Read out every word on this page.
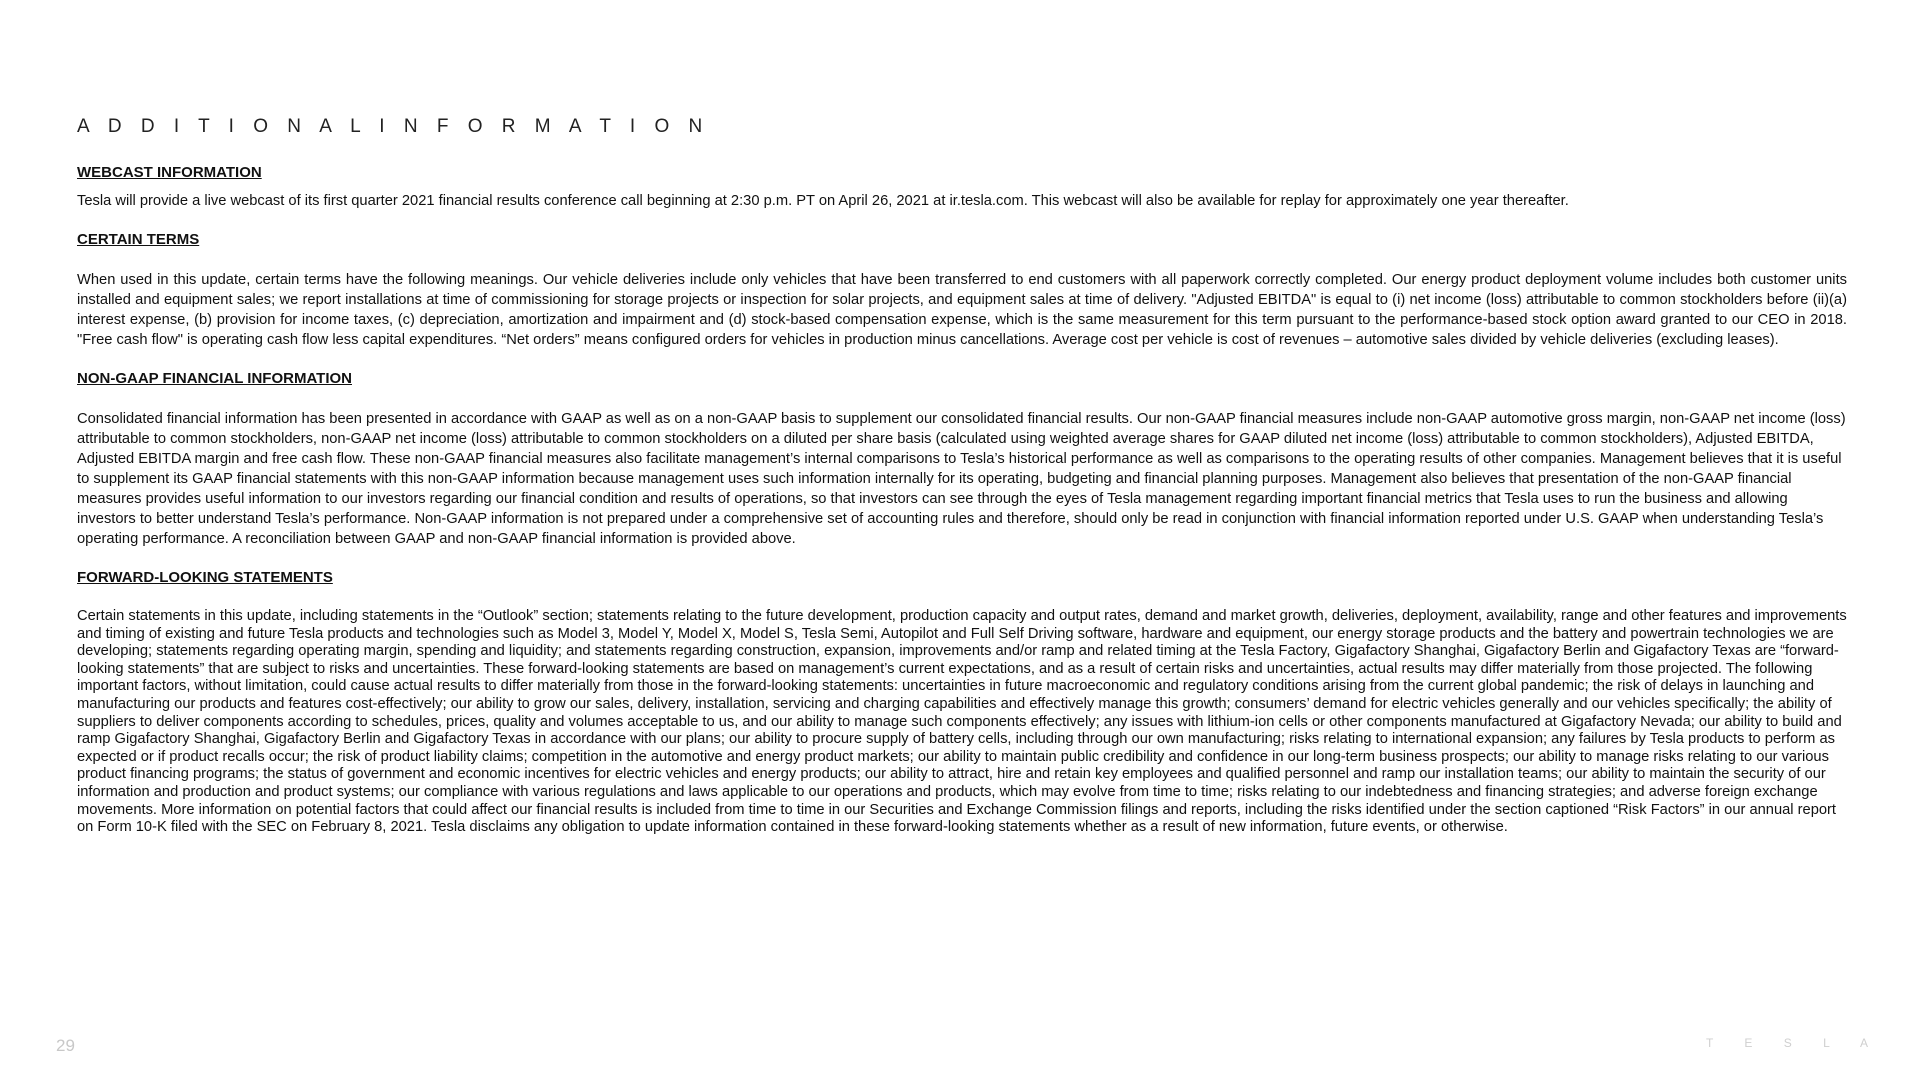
A D D I T I O N A L I N F O R M A T I O N
WEBCAST INFORMATION

Tesla will provide a live webcast of its first quarter 2021 financial results conference call beginning at 2:30 p.m. PT on April 26, 2021 at ir.tesla.com. This webcast will also be available for replay for approximately one year thereafter.

CERTAIN TERMS

When used in this update, certain terms have the following meanings. Our vehicle deliveries include only vehicles that have been transferred to end customers with all paperwork correctly completed. Our energy product deployment volume includes both customer units installed and equipment sales; we report installations at time of commissioning for storage projects or inspection for solar projects, and equipment sales at time of delivery. "Adjusted EBITDA" is equal to (i) net income (loss) attributable to common stockholders before (ii)(a) interest expense, (b) provision for income taxes, (c) depreciation, amortization and impairment and (d) stock-based compensation expense, which is the same measurement for this term pursuant to the performance-based stock option award granted to our CEO in 2018. "Free cash flow" is operating cash flow less capital expenditures. “Net orders” means configured orders for vehicles in production minus cancellations. Average cost per vehicle is cost of revenues – automotive sales divided by vehicle deliveries (excluding leases).

NON-GAAP FINANCIAL INFORMATION

Consolidated financial information has been presented in accordance with GAAP as well as on a non-GAAP basis to supplement our consolidated financial results. Our non-GAAP financial measures include non-GAAP automotive gross margin, non-GAAP net income (loss) attributable to common stockholders, non-GAAP net income (loss) attributable to common stockholders on a diluted per share basis (calculated using weighted average shares for GAAP diluted net income (loss) attributable to common stockholders), Adjusted EBITDA, Adjusted EBITDA margin and free cash flow. These non-GAAP financial measures also facilitate management’s internal comparisons to Tesla’s historical performance as well as comparisons to the operating results of other companies. Management believes that it is useful to supplement its GAAP financial statements with this non-GAAP information because management uses such information internally for its operating, budgeting and financial planning purposes. Management also believes that presentation of the non-GAAP financial measures provides useful information to our investors regarding our financial condition and results of operations, so that investors can see through the eyes of Tesla management regarding important financial metrics that Tesla uses to run the business and allowing investors to better understand Tesla’s performance. Non-GAAP information is not prepared under a comprehensive set of accounting rules and therefore, should only be read in conjunction with financial information reported under U.S. GAAP when understanding Tesla’s operating performance. A reconciliation between GAAP and non-GAAP financial information is provided above.

FORWARD-LOOKING STATEMENTS

Certain statements in this update, including statements in the “Outlook” section; statements relating to the future development, production capacity and output rates, demand and market growth, deliveries, deployment, availability, range and other features and improvements and timing of existing and future Tesla products and technologies such as Model 3, Model Y, Model X, Model S, Tesla Semi, Autopilot and Full Self Driving software, hardware and equipment, our energy storage products and the battery and powertrain technologies we are developing; statements regarding operating margin, spending and liquidity; and statements regarding construction, expansion, improvements and/or ramp and related timing at the Tesla Factory, Gigafactory Shanghai, Gigafactory Berlin and Gigafactory Texas are “forward-looking statements” that are subject to risks and uncertainties. These forward-looking statements are based on management’s current expectations, and as a result of certain risks and uncertainties, actual results may differ materially from those projected. The following important factors, without limitation, could cause actual results to differ materially from those in the forward-looking statements: uncertainties in future macroeconomic and regulatory conditions arising from the current global pandemic; the risk of delays in launching and manufacturing our products and features cost-effectively; our ability to grow our sales, delivery, installation, servicing and charging capabilities and effectively manage this growth; consumers’ demand for electric vehicles generally and our vehicles specifically; the ability of suppliers to deliver components according to schedules, prices, quality and volumes acceptable to us, and our ability to manage such components effectively; any issues with lithium-ion cells or other components manufactured at Gigafactory Nevada; our ability to build and ramp Gigafactory Shanghai, Gigafactory Berlin and Gigafactory Texas in accordance with our plans; our ability to procure supply of battery cells, including through our own manufacturing; risks relating to international expansion; any failures by Tesla products to perform as expected or if product recalls occur; the risk of product liability claims; competition in the automotive and energy product markets; our ability to maintain public credibility and confidence in our long-term business prospects; our ability to manage risks relating to our various product financing programs; the status of government and economic incentives for electric vehicles and energy products; our ability to attract, hire and retain key employees and qualified personnel and ramp our installation teams; our ability to maintain the security of our information and production and product systems; our compliance with various regulations and laws applicable to our operations and products, which may evolve from time to time; risks relating to our indebtedness and financing strategies; and adverse foreign exchange movements. More information on potential factors that could affect our financial results is included from time to time in our Securities and Exchange Commission filings and reports, including the risks identified under the section captioned “Risk Factors” in our annual report on Form 10-K filed with the SEC on February 8, 2021. Tesla disclaims any obligation to update information contained in these forward-looking statements whether as a result of new information, future events, or otherwise.

29	T E S L A
